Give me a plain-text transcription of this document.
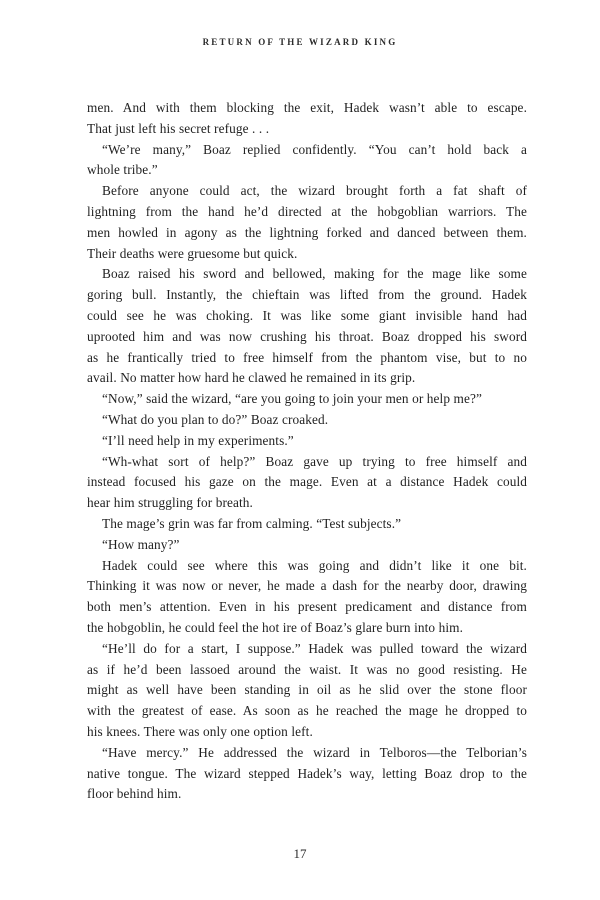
RETURN OF THE WIZARD KING
men. And with them blocking the exit, Hadek wasn’t able to escape.
That just left his secret refuge . . .
“We’re many,” Boaz replied confidently. “You can’t hold back a
whole tribe.”
Before anyone could act, the wizard brought forth a fat shaft of
lightning from the hand he’d directed at the hobgoblian warriors. The
men howled in agony as the lightning forked and danced between them.
Their deaths were gruesome but quick.
Boaz raised his sword and bellowed, making for the mage like some
goring bull. Instantly, the chieftain was lifted from the ground. Hadek
could see he was choking. It was like some giant invisible hand had
uprooted him and was now crushing his throat. Boaz dropped his sword
as he frantically tried to free himself from the phantom vise, but to no
avail. No matter how hard he clawed he remained in its grip.
“Now,” said the wizard, “are you going to join your men or help me?”
“What do you plan to do?” Boaz croaked.
“I’ll need help in my experiments.”
“Wh-what sort of help?” Boaz gave up trying to free himself and
instead focused his gaze on the mage. Even at a distance Hadek could
hear him struggling for breath.
The mage’s grin was far from calming. “Test subjects.”
“How many?”
Hadek could see where this was going and didn’t like it one bit.
Thinking it was now or never, he made a dash for the nearby door, drawing
both men’s attention. Even in his present predicament and distance from
the hobgoblin, he could feel the hot ire of Boaz’s glare burn into him.
“He’ll do for a start, I suppose.” Hadek was pulled toward the wizard
as if he’d been lassoed around the waist. It was no good resisting. He
might as well have been standing in oil as he slid over the stone floor
with the greatest of ease. As soon as he reached the mage he dropped to
his knees. There was only one option left.
“Have mercy.” He addressed the wizard in Telboros—the Telborian’s
native tongue. The wizard stepped Hadek’s way, letting Boaz drop to the
floor behind him.
17
